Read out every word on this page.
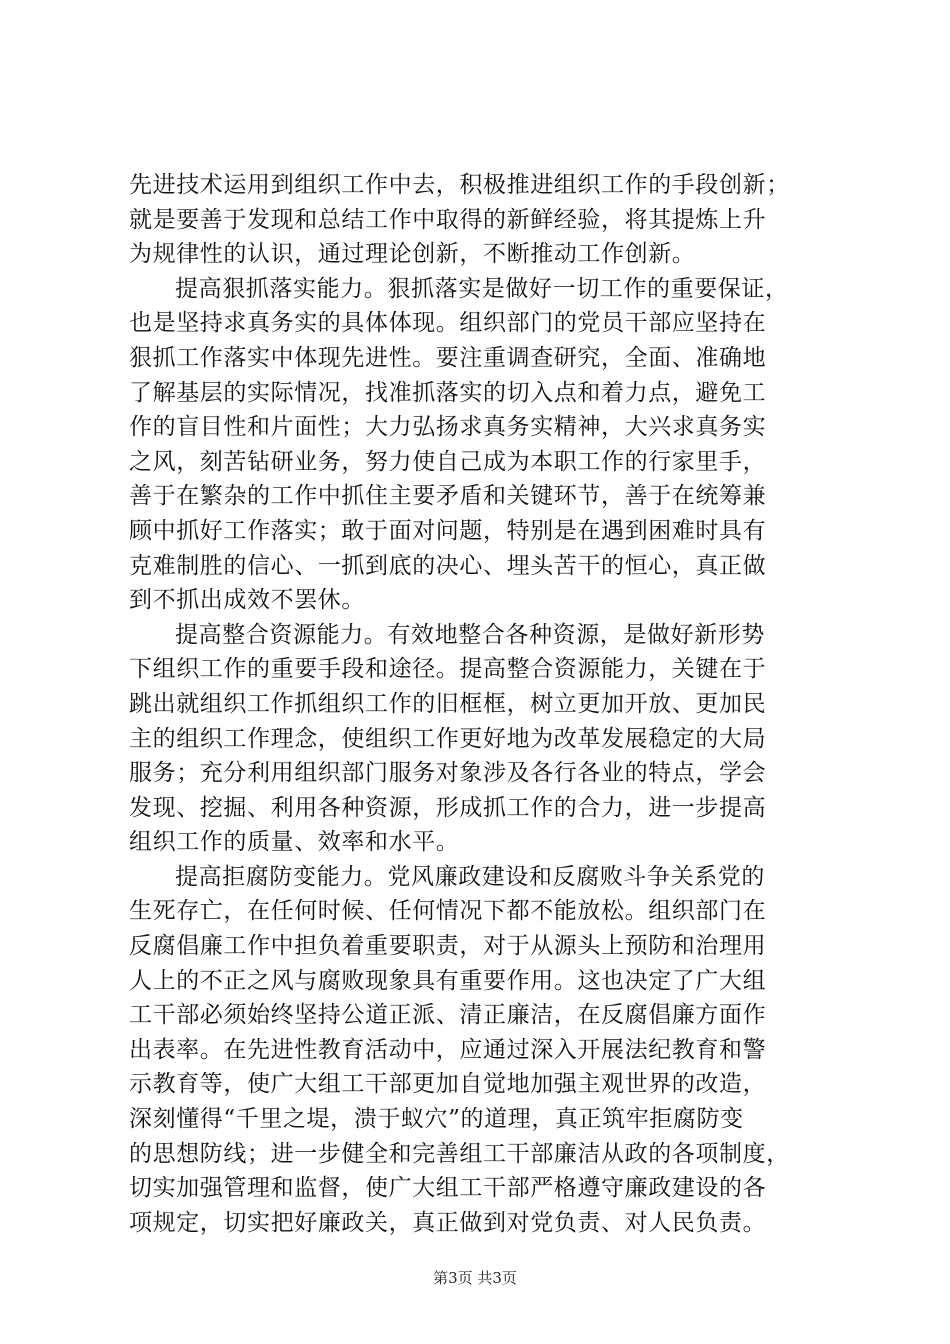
先进技术运用到组织工作中去，积极推进组织工作的手段创新；
就是要善于发现和总结工作中取得的新鲜经验，将其提炼上升
为规律性的认识，通过理论创新，不断推动工作创新。
提高狠抓落实能力。狠抓落实是做好一切工作的重要保证，
也是坚持求真务实的具体体现。组织部门的党员干部应坚持在
狠抓工作落实中体现先进性。要注重调查研究，全面、准确地
了解基层的实际情况，找准抓落实的切入点和着力点，避免工
作的盲目性和片面性；大力弘扬求真务实精神，大兴求真务实
之风，刻苦钻研业务，努力使自己成为本职工作的行家里手，
善于在繁杂的工作中抓住主要矛盾和关键环节，善于在统筹兼
顾中抓好工作落实；敢于面对问题，特别是在遇到困难时具有
克难制胜的信心、一抓到底的决心、埋头苦干的恒心，真正做
到不抓出成效不罢休。
提高整合资源能力。有效地整合各种资源，是做好新形势
下组织工作的重要手段和途径。提高整合资源能力，关键在于
跳出就组织工作抓组织工作的旧框框，树立更加开放、更加民
主的组织工作理念，使组织工作更好地为改革发展稳定的大局
服务；充分利用组织部门服务对象涉及各行各业的特点，学会
发现、挖掘、利用各种资源，形成抓工作的合力，进一步提高
组织工作的质量、效率和水平。
提高拒腐防变能力。党风廉政建设和反腐败斗争关系党的
生死存亡，在任何时候、任何情况下都不能放松。组织部门在
反腐倡廉工作中担负着重要职责，对于从源头上预防和治理用
人上的不正之风与腐败现象具有重要作用。这也决定了广大组
工干部必须始终坚持公道正派、清正廉洁，在反腐倡廉方面作
出表率。在先进性教育活动中，应通过深入开展法纪教育和警
示教育等，使广大组工干部更加自觉地加强主观世界的改造，
深刻懂得“千里之堤，溃于蚁穴”的道理，真正筑牢拒腐防变
的思想防线；进一步健全和完善组工干部廉洁从政的各项制度，
切实加强管理和监督，使广大组工干部严格遵守廉政建设的各
项规定，切实把好廉政关，真正做到对党负责、对人民负责。
第3页 共3页
